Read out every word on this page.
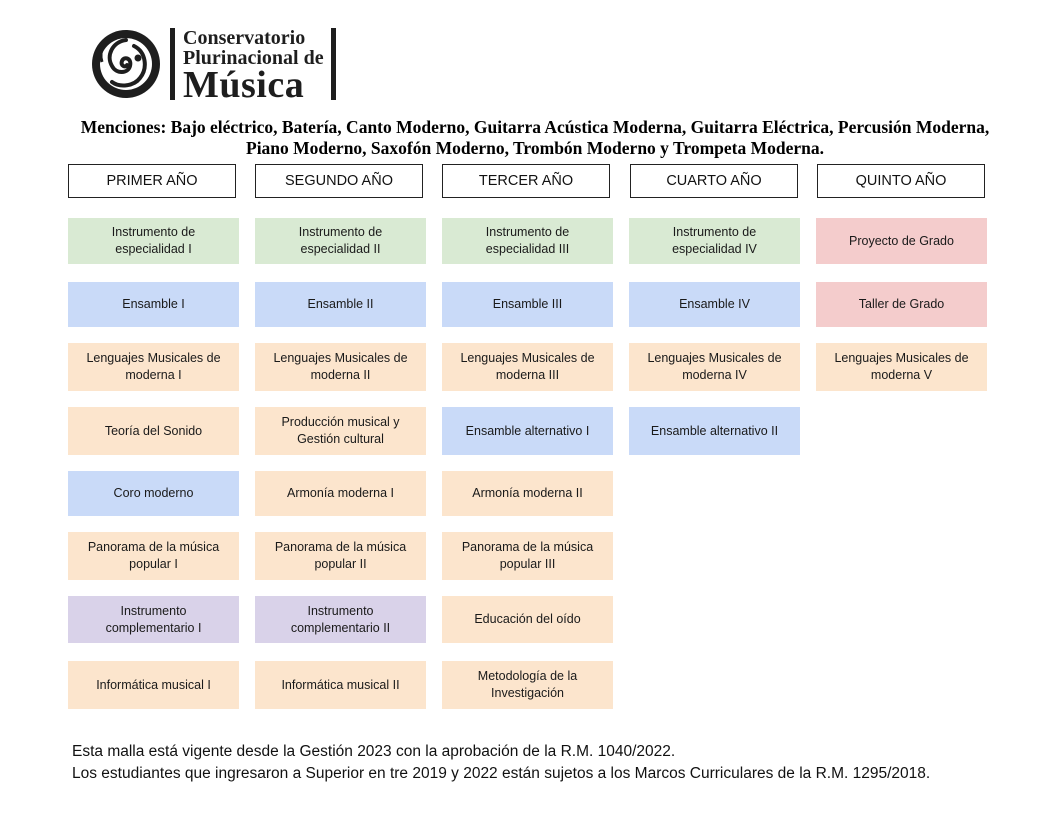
Conservatorio
Plurinacional de
Música
Menciones: Bajo eléctrico, Batería, Canto Moderno, Guitarra Acústica Moderna, Guitarra Eléctrica, Percusión Moderna, Piano Moderno, Saxofón Moderno, Trombón Moderno y Trompeta Moderna.
PRIMER AÑO
Instrumento de especialidad I
Ensamble I
Lenguajes Musicales de moderna I
Teoría del Sonido
Coro moderno
Panorama de la música popular I
Instrumento complementario I
Informática musical I
SEGUNDO AÑO
Instrumento de especialidad II
Ensamble II
Lenguajes Musicales de moderna II
Producción musical y Gestión cultural
Armonía moderna I
Panorama de la música popular II
Instrumento complementario II
Informática musical II
TERCER AÑO
Instrumento de especialidad III
Ensamble III
Lenguajes Musicales de moderna III
Ensamble alternativo I
Armonía moderna II
Panorama de la música popular III
Educación del oído
Metodología de la Investigación
CUARTO AÑO
Instrumento de especialidad IV
Ensamble IV
Lenguajes Musicales de moderna IV
Ensamble alternativo II
QUINTO AÑO
Proyecto de Grado
Taller de Grado
Lenguajes Musicales de moderna V
Esta malla está vigente desde la Gestión 2023 con la aprobación de la R.M. 1040/2022.
Los estudiantes que ingresaron a Superior en tre 2019 y 2022 están sujetos a los Marcos Curriculares de la R.M. 1295/2018.
